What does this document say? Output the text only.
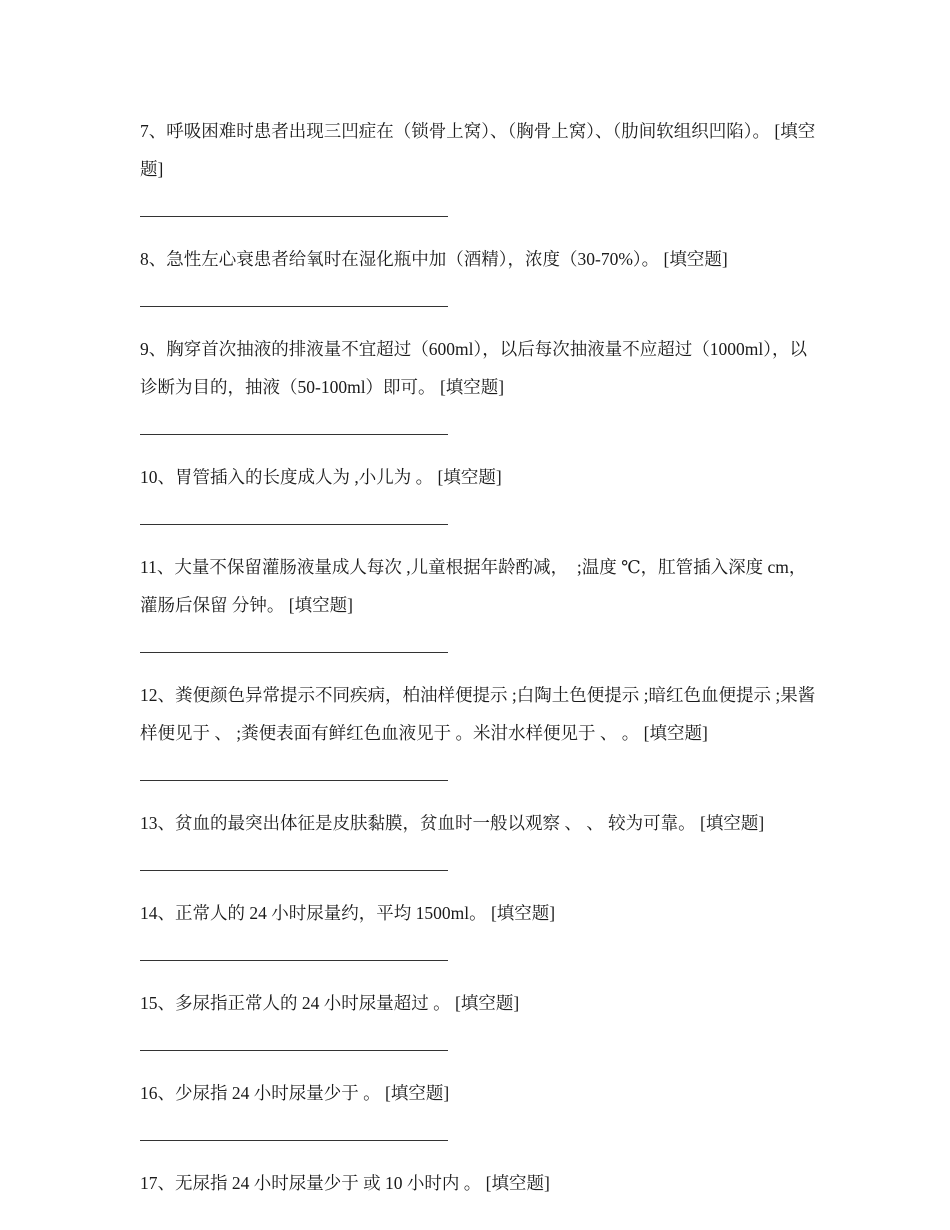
7、呼吸困难时患者出现三凹症在（锁骨上窝）、（胸骨上窝）、（肋间软组织凹陷）。 [填空题]

8、急性左心衰患者给氧时在湿化瓶中加（酒精），浓度（30-70%）。 [填空题]

9、胸穿首次抽液的排液量不宜超过（600ml），以后每次抽液量不应超过（1000ml），以诊断为目的，抽液（50-100ml）即可。 [填空题]

10、胃管插入的长度成人为 ,小儿为 。 [填空题]

11、大量不保留灌肠液量成人每次 ,儿童根据年龄酌减，  ;温度 ℃，肛管插入深度 cm，灌肠后保留 分钟。 [填空题]

12、粪便颜色异常提示不同疾病，柏油样便提示 ;白陶土色便提示 ;暗红色血便提示 ;果酱样便见于 、 ;粪便表面有鲜红色血液见于 。米泔水样便见于 、 。 [填空题]

13、贫血的最突出体征是皮肤黏膜，贫血时一般以观察 、 、 较为可靠。 [填空题]

14、正常人的 24 小时尿量约，平均 1500ml。 [填空题]

15、多尿指正常人的 24 小时尿量超过 。 [填空题]

16、少尿指 24 小时尿量少于 。 [填空题]

17、无尿指 24 小时尿量少于 或 10 小时内 。 [填空题]
